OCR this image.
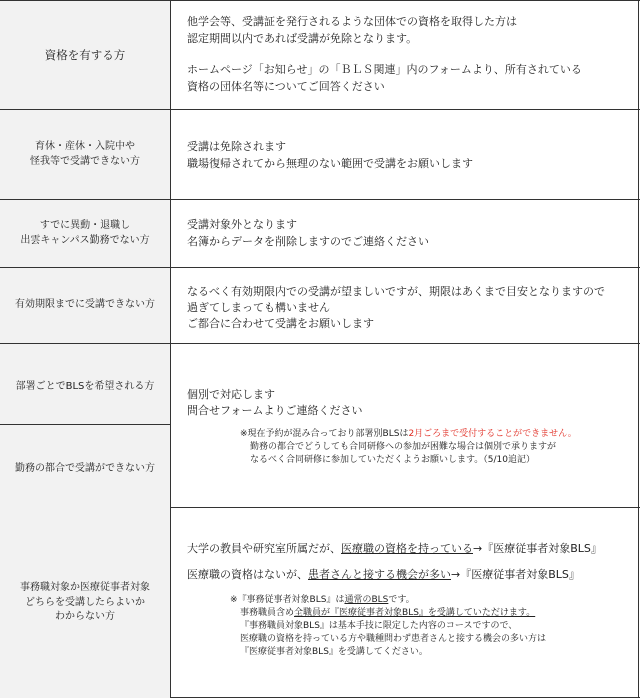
資格を有する方
他学会等、受講証を発行されるような団体での資格を取得した方は
認定期間以内であれば受講が免除となります。
ホームページ「お知らせ」の「ＢＬＳ関連」内のフォームより、所有されている
資格の団体名等についてご回答ください
育休・産休・入院中や
怪我等で受講できない方
受講は免除されます
職場復帰されてから無理のない範囲で受講をお願いします
すでに異動・退職し
出雲キャンパス勤務でない方
受講対象外となります
名簿からデータを削除しますのでご連絡ください
有効期限までに受講できない方
なるべく有効期限内での受講が望ましいですが、期限はあくまで目安となりますので
過ぎてしまっても構いません
ご都合に合わせて受講をお願いします
部署ごとでBLSを希望される方
勤務の都合で受講ができない方
個別で対応します
問合せフォームよりご連絡ください
※現在予約が混み合っており部署別BLSは2月ごろまで受付することができません。
勤務の都合でどうしても合同研修への参加が困難な場合は個別で承りますが
なるべく合同研修に参加していただくようお願いします。（5/10追記）
事務職対象か医療従事者対象
どちらを受講したらよいか
わからない方
大学の教員や研究室所属だが、医療職の資格を持っている→『医療従事者対象BLS』
医療職の資格はないが、患者さんと接する機会が多い→『医療従事者対象BLS』
※『事務従事者対象BLS』は通常のBLSです。
事務職員含め全職員が『医療従事者対象BLS』を受講していただけます。
『事務職員対象BLS』は基本手技に限定した内容のコースですので、
医療職の資格を持っている方や職種問わず患者さんと接する機会の多い方は
『医療従事者対象BLS』を受講してください。
